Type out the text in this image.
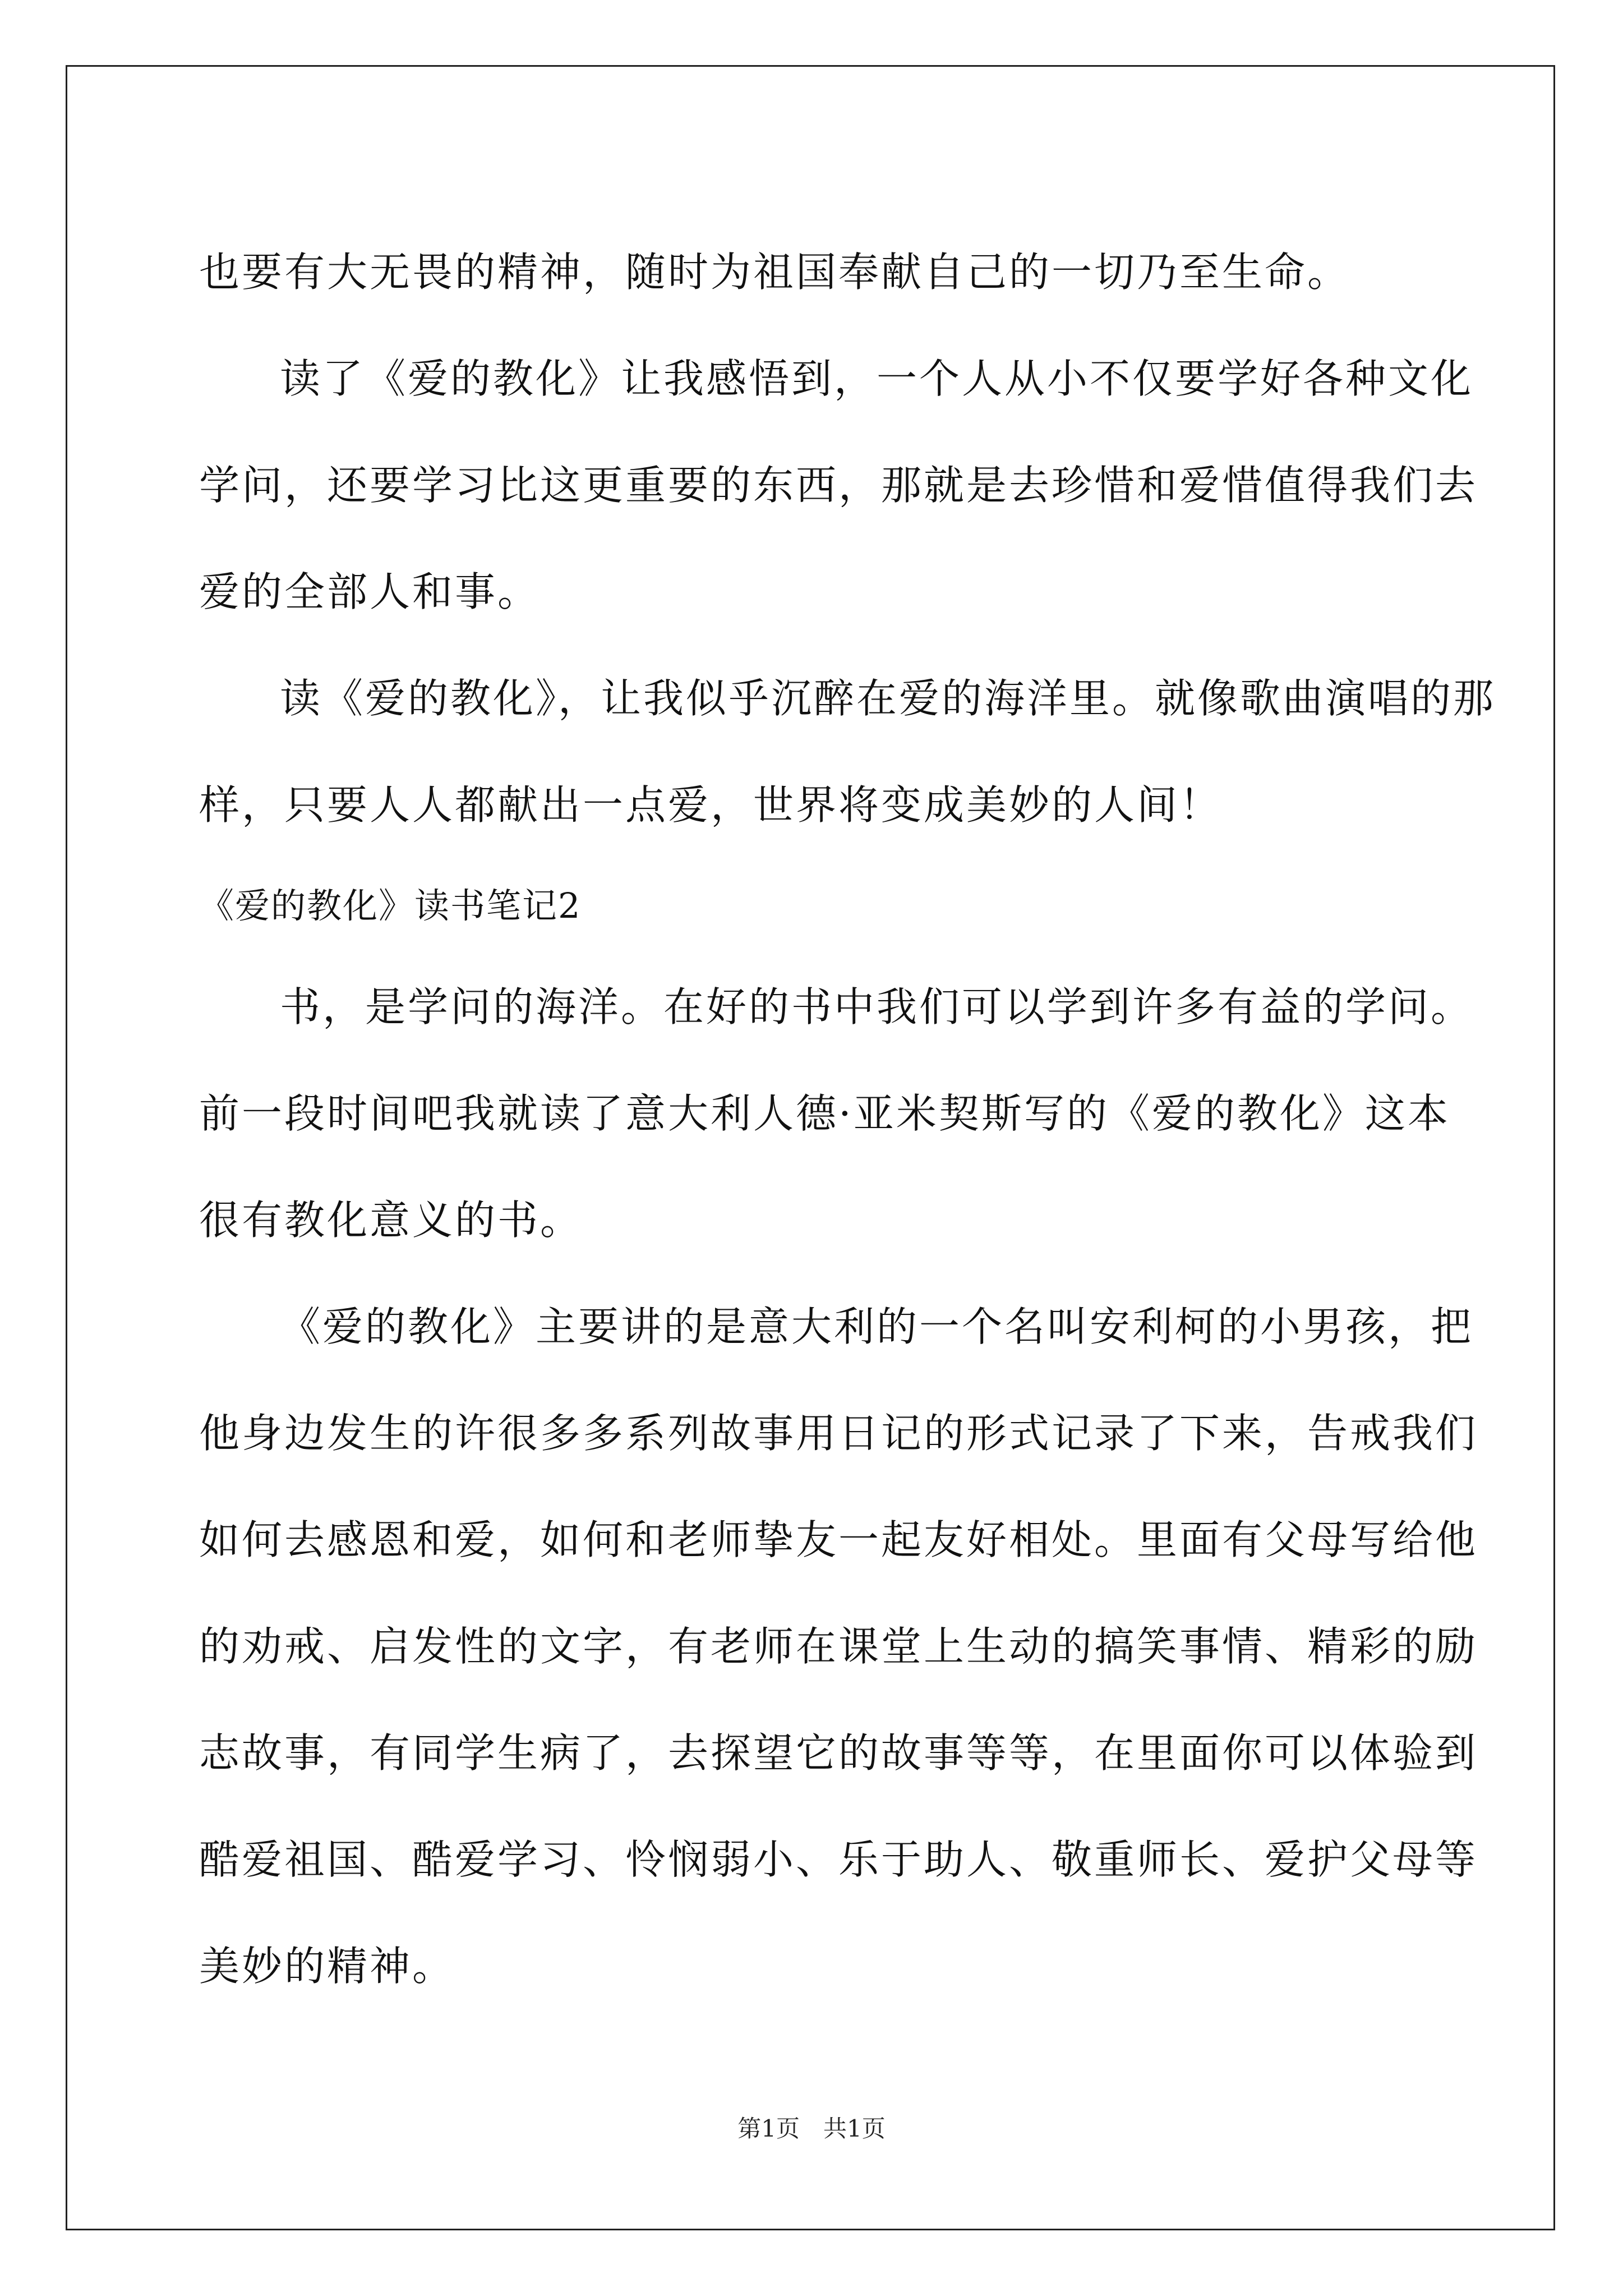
也要有大无畏的精神，随时为祖国奉献自己的一切乃至生命。
读了《爱的教化》让我感悟到，一个人从小不仅要学好各种文化
学问，还要学习比这更重要的东西，那就是去珍惜和爱惜值得我们去
爱的全部人和事。
读《爱的教化》，让我似乎沉醉在爱的海洋里。就像歌曲演唱的那
样，只要人人都献出一点爱，世界将变成美妙的人间！
《爱的教化》读书笔记2
书，是学问的海洋。在好的书中我们可以学到许多有益的学问。
前一段时间吧我就读了意大利人德·亚米契斯写的《爱的教化》这本
很有教化意义的书。
《爱的教化》主要讲的是意大利的一个名叫安利柯的小男孩，把
他身边发生的许很多多系列故事用日记的形式记录了下来，告戒我们
如何去感恩和爱，如何和老师挚友一起友好相处。里面有父母写给他
的劝戒、启发性的文字，有老师在课堂上生动的搞笑事情、精彩的励
志故事，有同学生病了，去探望它的故事等等，在里面你可以体验到
酷爱祖国、酷爱学习、怜悯弱小、乐于助人、敬重师长、爱护父母等
美妙的精神。
第1页　共1页
